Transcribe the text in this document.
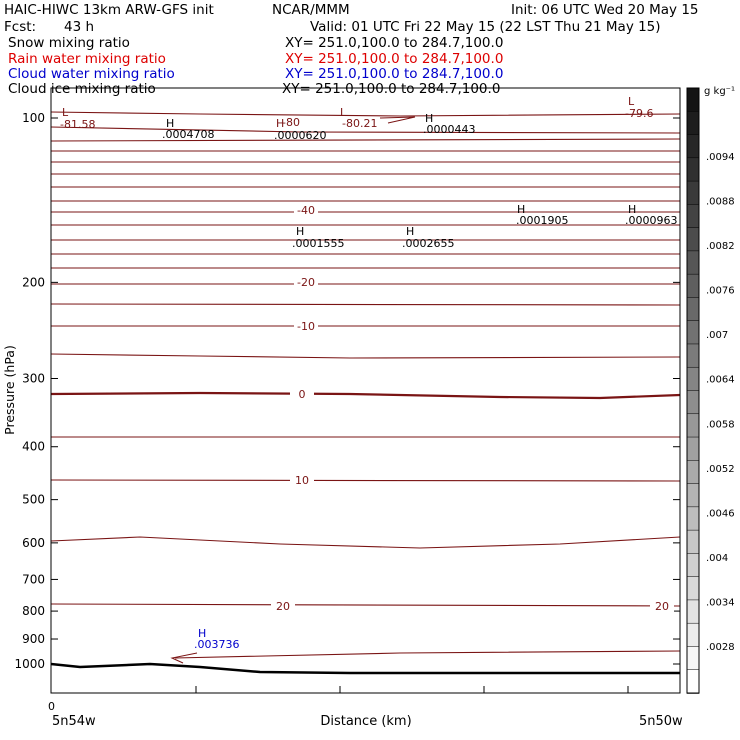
HAIC-HIWC 13km ARW-GFS init	NCAR/MMM	Init: 06 UTC Wed 20 May 15
Fcst: 43 h	Valid: 01 UTC Fri 22 May 15 (22 LST Thu 21 May 15)
Snow mixing ratio	XY= 251.0,100.0 to 284.7,100.0
Rain water mixing ratio	XY= 251.0,100.0 to 284.7,100.0
Cloud water mixing ratio	XY= 251.0,100.0 to 284.7,100.0
Cloud ice mixing ratio	XY= 251.0,100.0 to 284.7,100.0
100
200
300
400
500
600
700
800
900
1000
-40
-20
-10
0
10
20	20
L
-81.58	H
.0004708
H
-80
.0000620
L
-80.21	H
.0000443
L
-79.6
H
.0001905
H
.0000963
H
.0001555
H
.0002655
H
.003736
g kg⁻¹
.0094
.0088
.0082
.0076
.007
.0064
.0058
.0052
.0046
.004
.0034
.0028
Pressure (hPa)
Distance (km)
5n54w	5n50w
0
